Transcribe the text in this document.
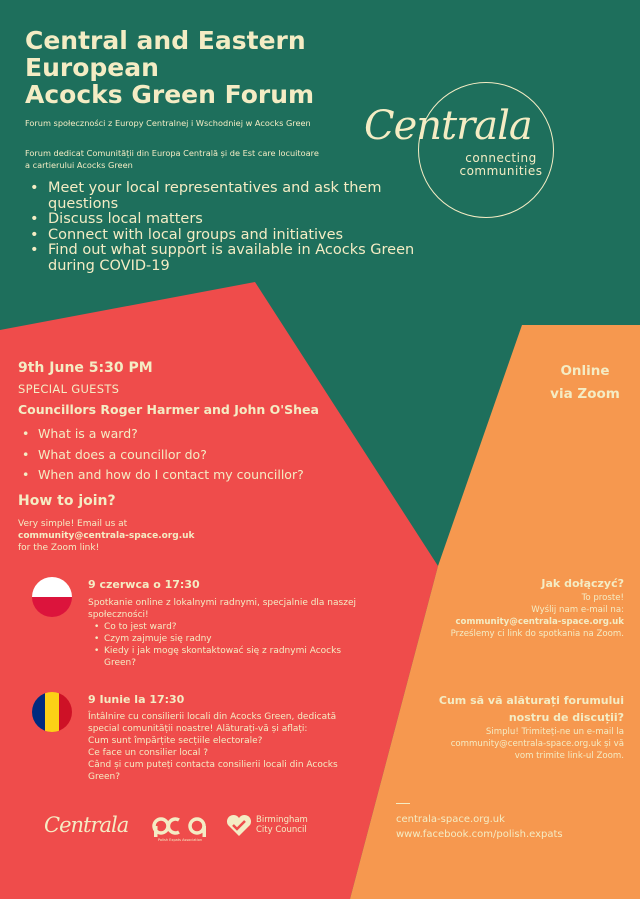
Central and Eastern
European
Acocks Green Forum
Forum społeczności z Europy Centralnej i Wschodniej w Acocks Green
Forum dedicat Comunității din Europa Centrală și de Est care locuitoare a cartierului Acocks Green
• Meet your local representatives and ask them questions
• Discuss local matters
• Connect with local groups and initiatives
• Find out what support is available in Acocks Green during COVID-19
Centrala
connecting
communities
9th June 5:30 PM
SPECIAL GUESTS
Councillors Roger Harmer and John O'Shea
• What is a ward?
• What does a councillor do?
• When and how do I contact my councillor?
How to join?
Very simple! Email us at
community@centrala-space.org.uk
for the Zoom link!
9 czerwca o 17:30
Spotkanie online z lokalnymi radnymi, specjalnie dla naszej społeczności!
• Co to jest ward?
• Czym zajmuje się radny
• Kiedy i jak mogę skontaktować się z radnymi Acocks Green?
9 Iunie la 17:30
Întâlnire cu consilierii locali din Acocks Green, dedicată special comunității noastre! Alăturați-vă și aflați:
Cum sunt împărțite secțiile electorale?
Ce face un consilier local ?
Când și cum puteți contacta consilierii locali din Acocks Green?
Online
via Zoom
Jak dołączyć?
To proste!
Wyślij nam e-mail na:
community@centrala-space.org.uk
Prześlemy ci link do spotkania na Zoom.
Cum să vă alăturați forumului
nostru de discuții?
Simplu! Trimiteți-ne un e-mail la
community@centrala-space.org.uk și vă
vom trimite link-ul Zoom.
centrala-space.org.uk
www.facebook.com/polish.expats
Centrala
Polish Expats Association
Birmingham
City Council
